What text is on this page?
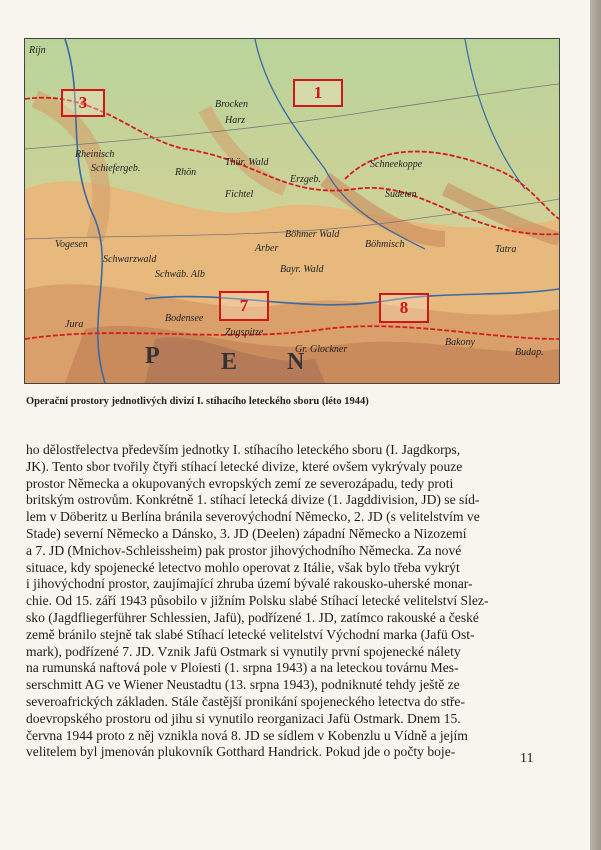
Rijn
Brocken
Harz
Rheinisch
Schiefergeb.	Rhön
Thür. Wald
Erzgeb.
Fichtel
Schneekoppe
Sudeten
Böhmer Wald
Arber
Bayr. Wald
Böhmisch	Tatra
Schwarzwald
Schwäb. Alb
Zugspitze
Bodensee
Gr. Glockner
Bakony
Budap.
Vogesen
Jura
P	E N
3
1
7	8
Operační prostory jednotlivých divizí I. stíhacího leteckého sboru (léto 1944)
ho dělostřelectva především jednotky I. stíhacího leteckého sboru (I. Jagdkorps,
JK). Tento sbor tvořily čtyři stíhací letecké divize, které ovšem vykrývaly pouze
prostor Německa a okupovaných evropských zemí ze severozápadu, tedy proti
britským ostrovům. Konkrétně 1. stíhací letecká divize (1. Jagddivision, JD) se síd-
lem v Döberitz u Berlína bránila severovýchodní Německo, 2. JD (s velitelstvím ve
Stade) severní Německo a Dánsko, 3. JD (Deelen) západní Německo a Nizozemí
a 7. JD (Mnichov-Schleissheim) pak prostor jihovýchodního Německa. Za nové
situace, kdy spojenecké letectvo mohlo operovat z Itálie, však bylo třeba vykrýt
i jihovýchodní prostor, zaujímající zhruba území bývalé rakousko-uherské monar-
chie. Od 15. září 1943 působilo v jižním Polsku slabé Stíhací letecké velitelství Slez-
sko (Jagdfliegerführer Schlessien, Jafü), podřízené 1. JD, zatímco rakouské a české
země bránilo stejně tak slabé Stíhací letecké velitelství Východní marka (Jafü Ost-
mark), podřízené 7. JD. Vznik Jafü Ostmark si vynutily první spojenecké nálety
na rumunská naftová pole v Ploiesti (1. srpna 1943) a na leteckou továrnu Mes-
serschmitt AG ve Wiener Neustadtu (13. srpna 1943), podniknuté tehdy ještě ze
severoafrických základen. Stále častější pronikání spojeneckého letectva do stře-
doevropského prostoru od jihu si vynutilo reorganizaci Jafü Ostmark. Dnem 15.
června 1944 proto z něj vznikla nová 8. JD se sídlem v Kobenzlu u Vídně a jejím
velitelem byl jmenován plukovník Gotthard Handrick. Pokud jde o počty boje-	11
